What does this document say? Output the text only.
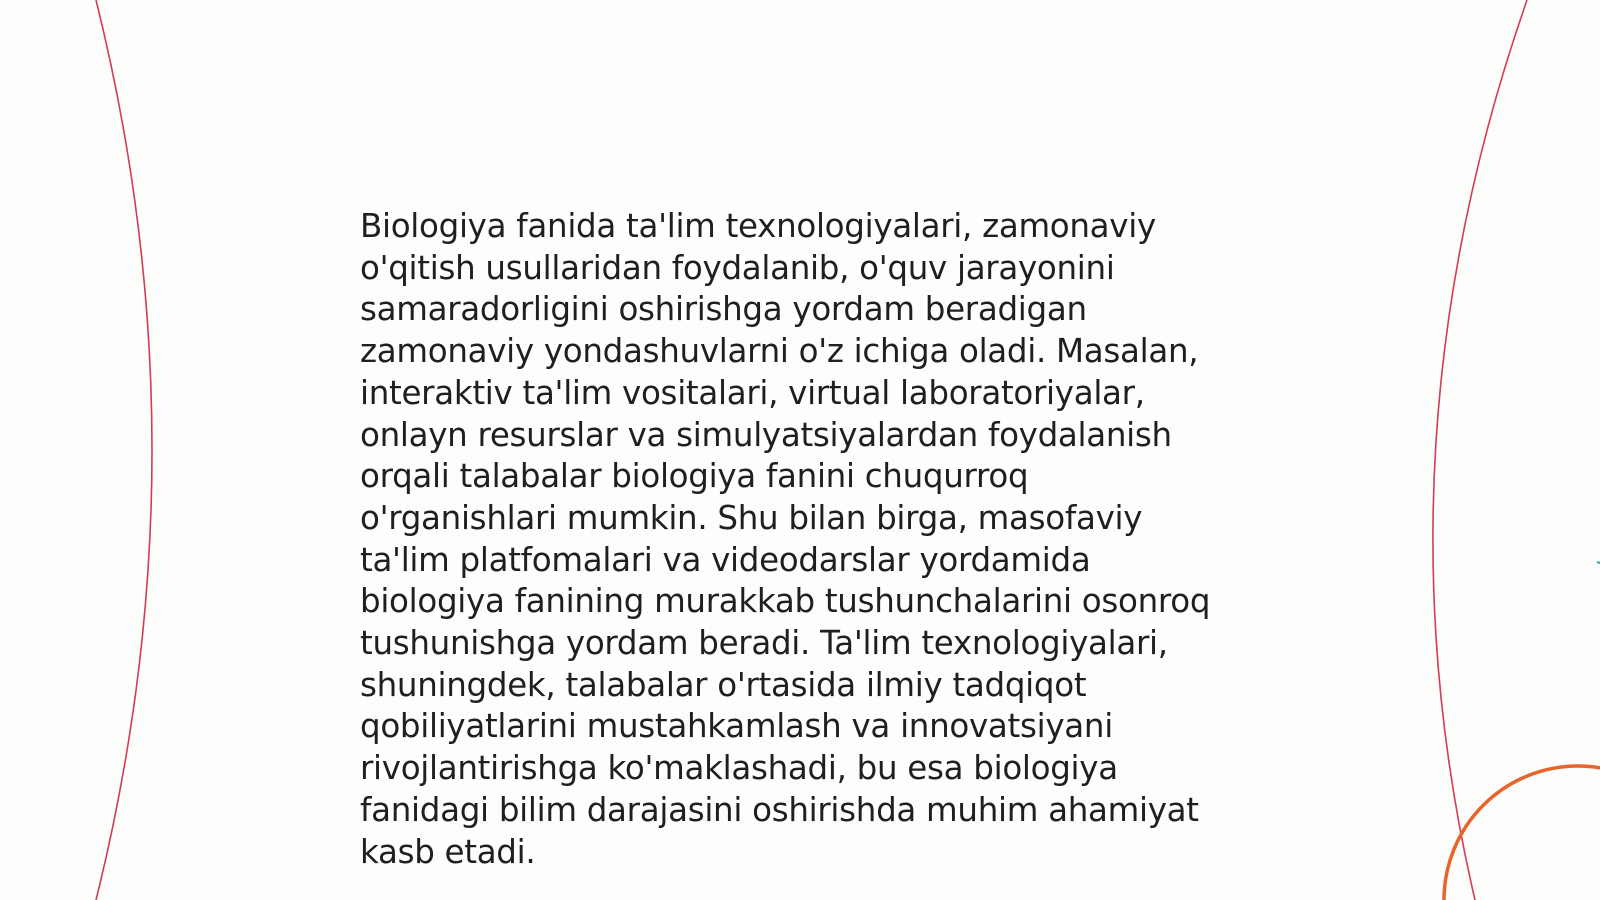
Biologiya fanida ta'lim texnologiyalari, zamonaviy
o'qitish usullaridan foydalanib, o'quv jarayonini
samaradorligini oshirishga yordam beradigan
zamonaviy yondashuvlarni o'z ichiga oladi. Masalan,
interaktiv ta'lim vositalari, virtual laboratoriyalar,
onlayn resurslar va simulyatsiyalardan foydalanish
orqali talabalar biologiya fanini chuqurroq
o'rganishlari mumkin. Shu bilan birga, masofaviy
ta'lim platfomalari va videodarslar yordamida
biologiya fanining murakkab tushunchalarini osonroq
tushunishga yordam beradi. Ta'lim texnologiyalari,
shuningdek, talabalar o'rtasida ilmiy tadqiqot
qobiliyatlarini mustahkamlash va innovatsiyani
rivojlantirishga ko'maklashadi, bu esa biologiya
fanidagi bilim darajasini oshirishda muhim ahamiyat
kasb etadi.
